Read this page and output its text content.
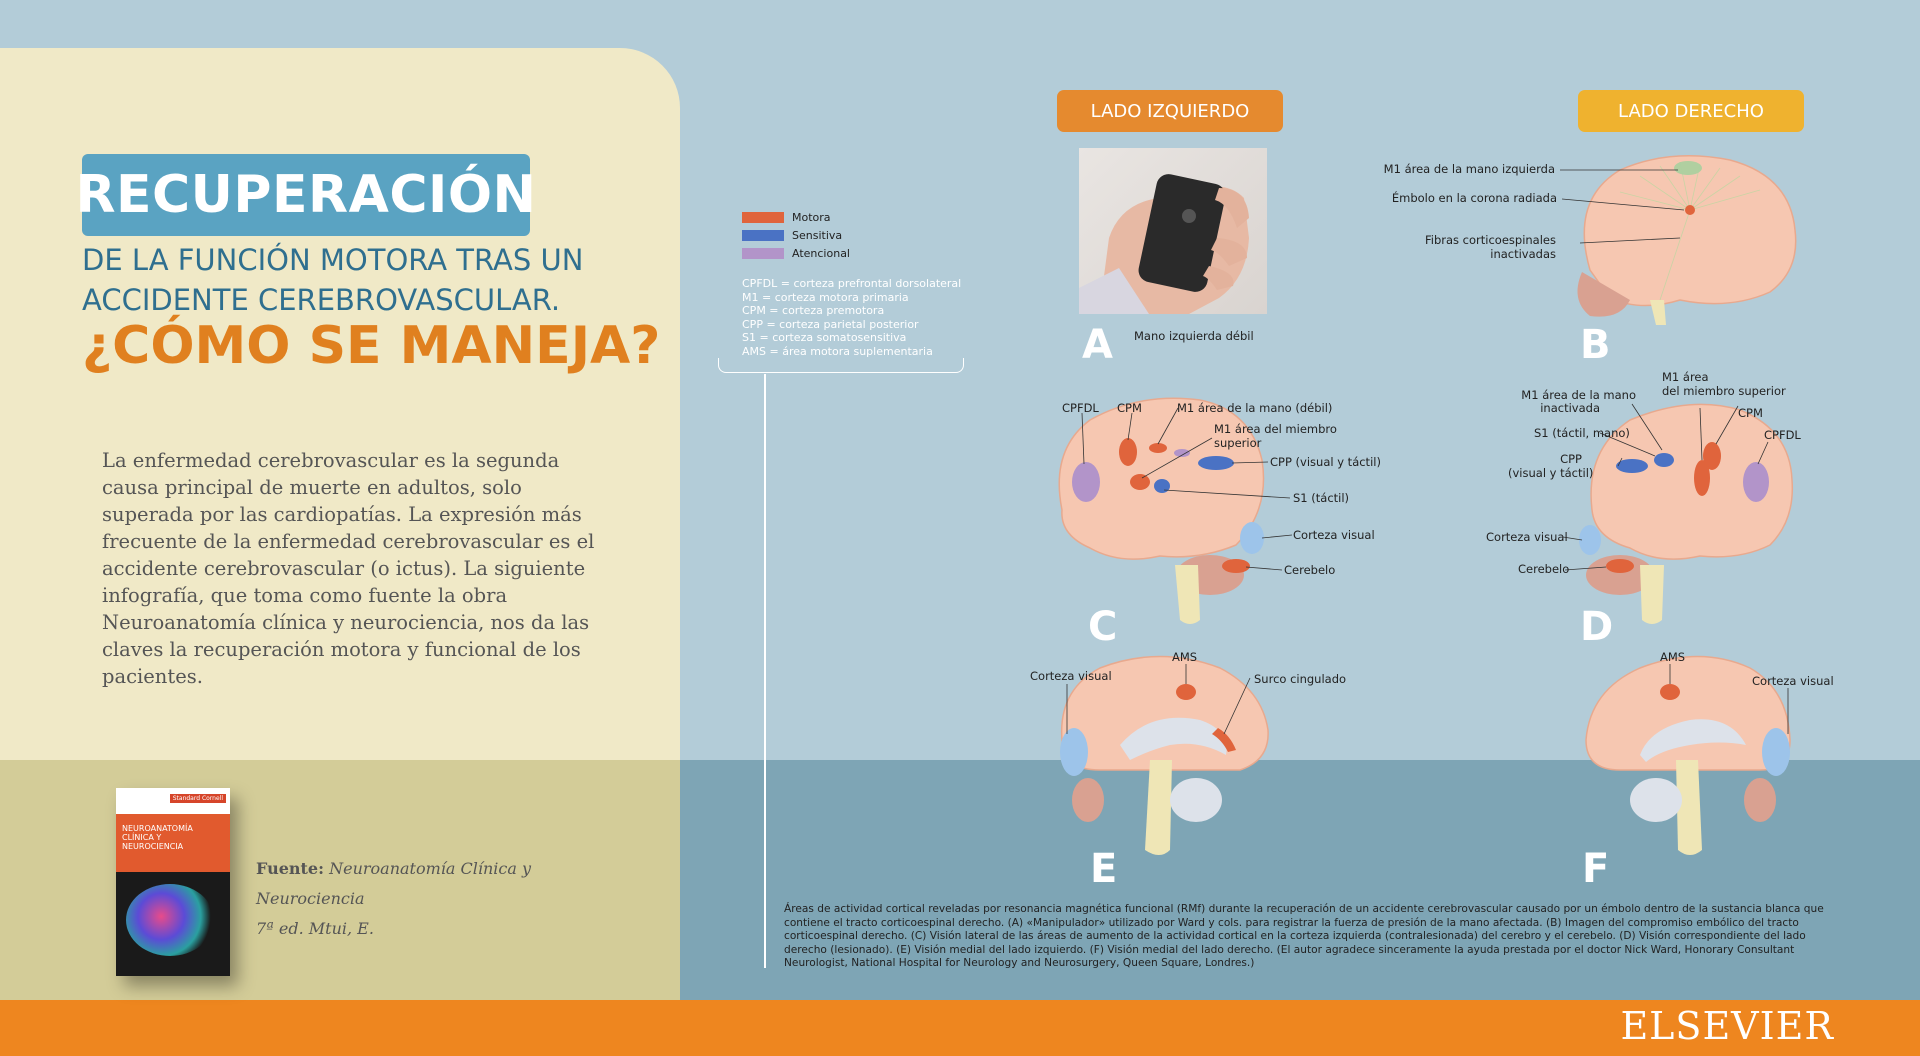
ELSEVIER
RECUPERACIÓN
DE LA FUNCIÓN MOTORA TRAS UN
ACCIDENTE CEREBROVASCULAR.
¿CÓMO SE MANEJA?
La enfermedad cerebrovascular es la segunda causa principal de muerte en adultos, solo superada por las cardiopatías. La expresión más frecuente de la enfermedad cerebrovascular es el accidente cerebrovascular (o ictus). La siguiente infografía, que toma como fuente la obra Neuroanatomía clínica y neurociencia, nos da las claves la recuperación motora y funcional de los pacientes.
Standard Cornell
NEUROANATOMÍA CLÍNICA Y NEUROCIENCIA
Fuente: Neuroanatomía Clínica y Neurociencia
7ª ed. Mtui, E.
Motora
Sensitiva
Atencional
CPFDL = corteza prefrontal dorsolateral
M1 = corteza motora primaria
CPM = corteza premotora
CPP = corteza parietal posterior
S1 = corteza somatosensitiva
AMS = área motora suplementaria
LADO IZQUIERDO	LADO DERECHO
Mano izquierda débil
A
M1 área de la mano izquierda
Émbolo en la corona radiada
Fibras corticoespinales
inactivadas
B
CPFDL CPM	M1 área de la mano (débil)
M1 área del miembro
superior
CPP (visual y táctil)
S1 (táctil)
Corteza visual
Cerebelo
C
M1 área
del miembro superior
M1 área de la mano
inactivada	CPM
CPFDL
S1 (táctil, mano)
CPP
(visual y táctil)
Corteza visual
Cerebelo
D
AMS
Corteza visual	Surco cingulado
E
AMS
Corteza visual
F
Áreas de actividad cortical reveladas por resonancia magnética funcional (RMf) durante la recuperación de un accidente cerebrovascular causado por un émbolo dentro de la sustancia blanca que contiene el tracto corticoespinal derecho. (A) «Manipulador» utilizado por Ward y cols. para registrar la fuerza de presión de la mano afectada. (B) Imagen del compromiso embólico del tracto corticoespinal derecho. (C) Visión lateral de las áreas de aumento de la actividad cortical en la corteza izquierda (contralesionada) del cerebro y el cerebelo. (D) Visión correspondiente del lado derecho (lesionado). (E) Visión medial del lado izquierdo. (F) Visión medial del lado derecho. (El autor agradece sinceramente la ayuda prestada por el doctor Nick Ward, Honorary Consultant Neurologist, National Hospital for Neurology and Neurosurgery, Queen Square, Londres.)
